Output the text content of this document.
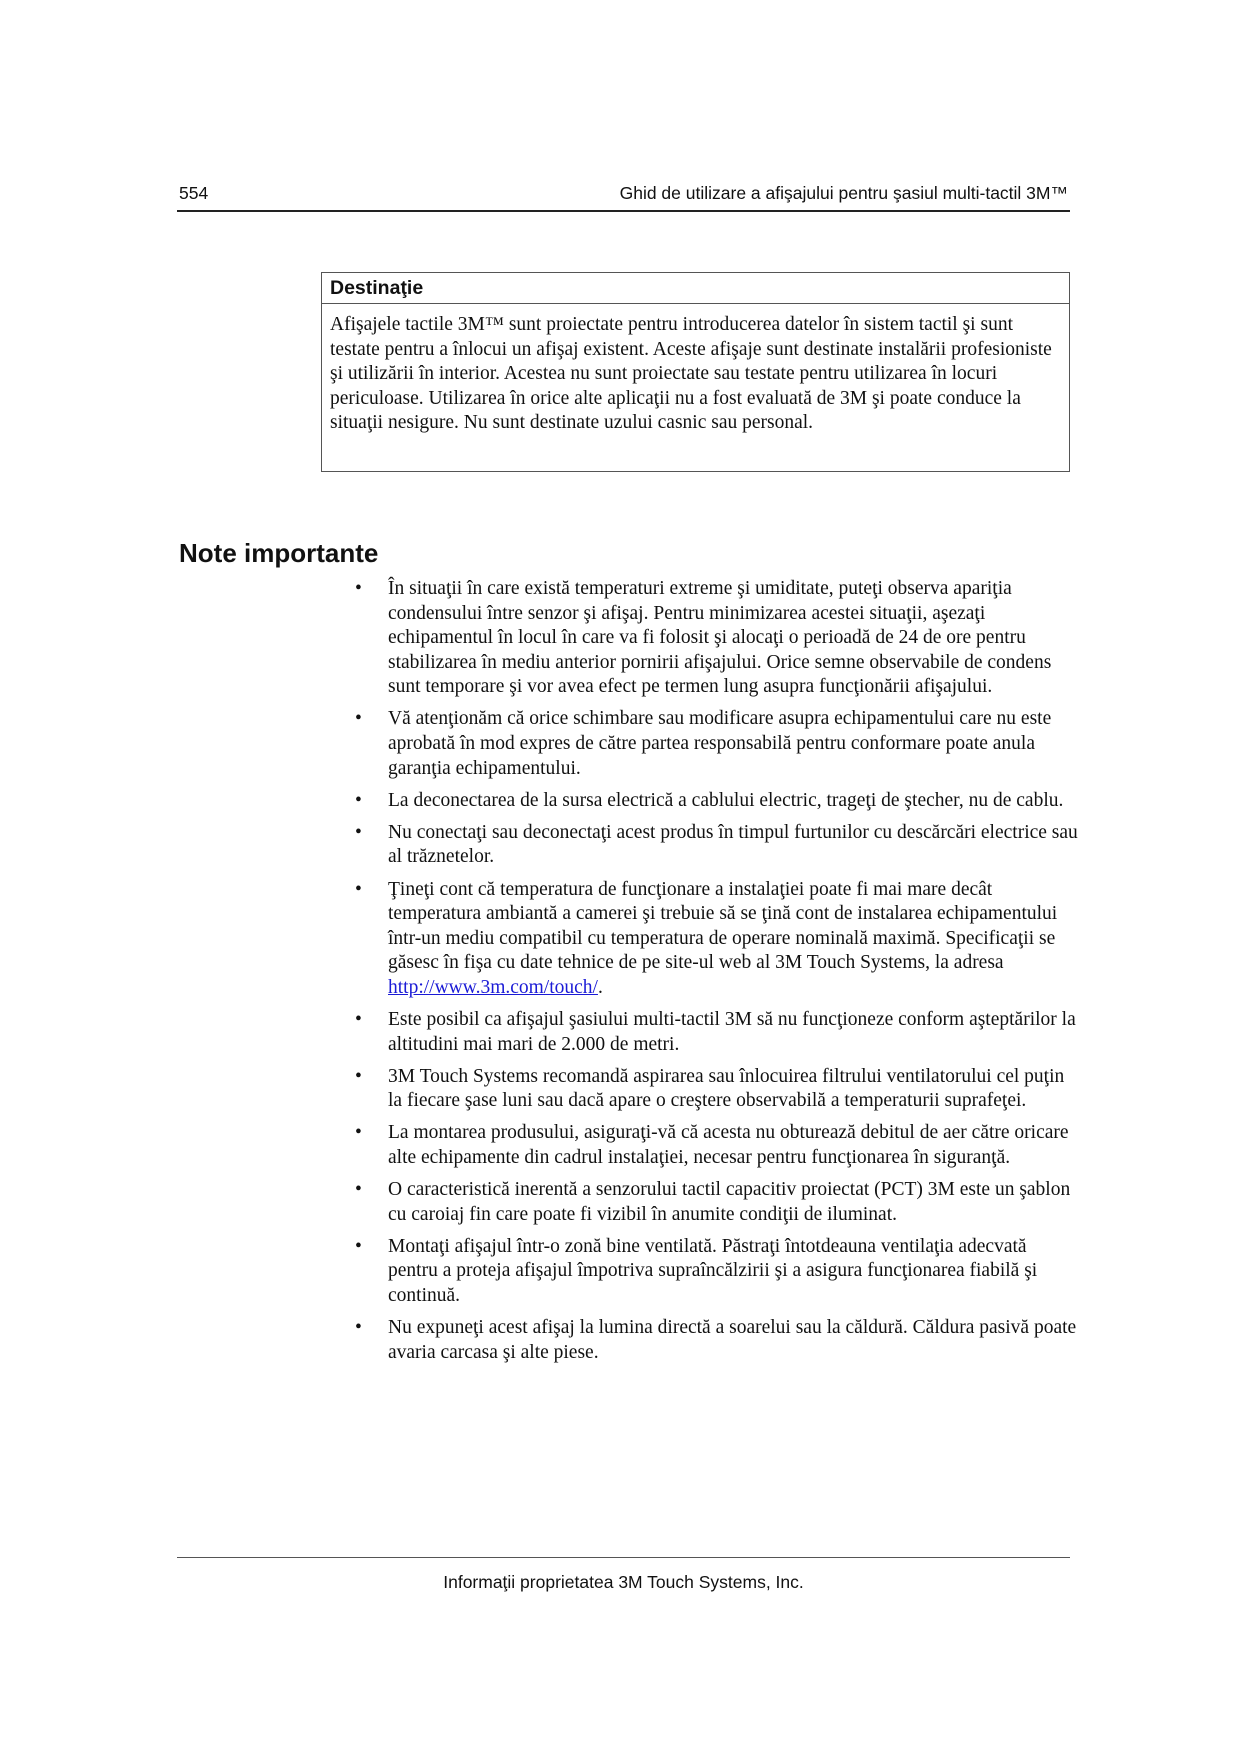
554	Ghid de utilizare a afişajului pentru şasiul multi-tactil 3M™
Destinaţie

Afişajele tactile 3M™ sunt proiectate pentru introducerea datelor în sistem tactil şi sunt testate pentru a înlocui un afişaj existent. Aceste afişaje sunt destinate instalării profesioniste şi utilizării în interior. Acestea nu sunt proiectate sau testate pentru utilizarea în locuri periculoase. Utilizarea în orice alte aplicaţii nu a fost evaluată de 3M şi poate conduce la situaţii nesigure. Nu sunt destinate uzului casnic sau personal.

Note importante
• În situaţii în care există temperaturi extreme şi umiditate, puteţi observa apariţia condensului între senzor şi afişaj. Pentru minimizarea acestei situaţii, aşezaţi echipamentul în locul în care va fi folosit şi alocaţi o perioadă de 24 de ore pentru stabilizarea în mediu anterior pornirii afişajului. Orice semne observabile de condens sunt temporare şi vor avea efect pe termen lung asupra funcţionării afişajului.
• Vă atenţionăm că orice schimbare sau modificare asupra echipamentului care nu este aprobată în mod expres de către partea responsabilă pentru conformare poate anula garanţia echipamentului.
• La deconectarea de la sursa electrică a cablului electric, trageţi de ştecher, nu de cablu.
• Nu conectaţi sau deconectaţi acest produs în timpul furtunilor cu descărcări electrice sau al trăznetelor.
• Ţineţi cont că temperatura de funcţionare a instalaţiei poate fi mai mare decât temperatura ambiantă a camerei şi trebuie să se ţină cont de instalarea echipamentului într-un mediu compatibil cu temperatura de operare nominală maximă. Specificaţii se găsesc în fişa cu date tehnice de pe site-ul web al 3M Touch Systems, la adresa http://www.3m.com/touch/.
• Este posibil ca afişajul şasiului multi-tactil 3M să nu funcţioneze conform aşteptărilor la altitudini mai mari de 2.000 de metri.
• 3M Touch Systems recomandă aspirarea sau înlocuirea filtrului ventilatorului cel puţin la fiecare şase luni sau dacă apare o creştere observabilă a temperaturii suprafeţei.
• La montarea produsului, asiguraţi-vă că acesta nu obturează debitul de aer către oricare alte echipamente din cadrul instalaţiei, necesar pentru funcţionarea în siguranţă.
• O caracteristică inerentă a senzorului tactil capacitiv proiectat (PCT) 3M este un şablon cu caroiaj fin care poate fi vizibil în anumite condiţii de iluminat.
• Montaţi afişajul într-o zonă bine ventilată. Păstraţi întotdeauna ventilaţia adecvată pentru a proteja afişajul împotriva supraîncălzirii şi a asigura funcţionarea fiabilă şi continuă.
• Nu expuneţi acest afişaj la lumina directă a soarelui sau la căldură. Căldura pasivă poate avaria carcasa şi alte piese.
Informaţii proprietatea 3M Touch Systems, Inc.
